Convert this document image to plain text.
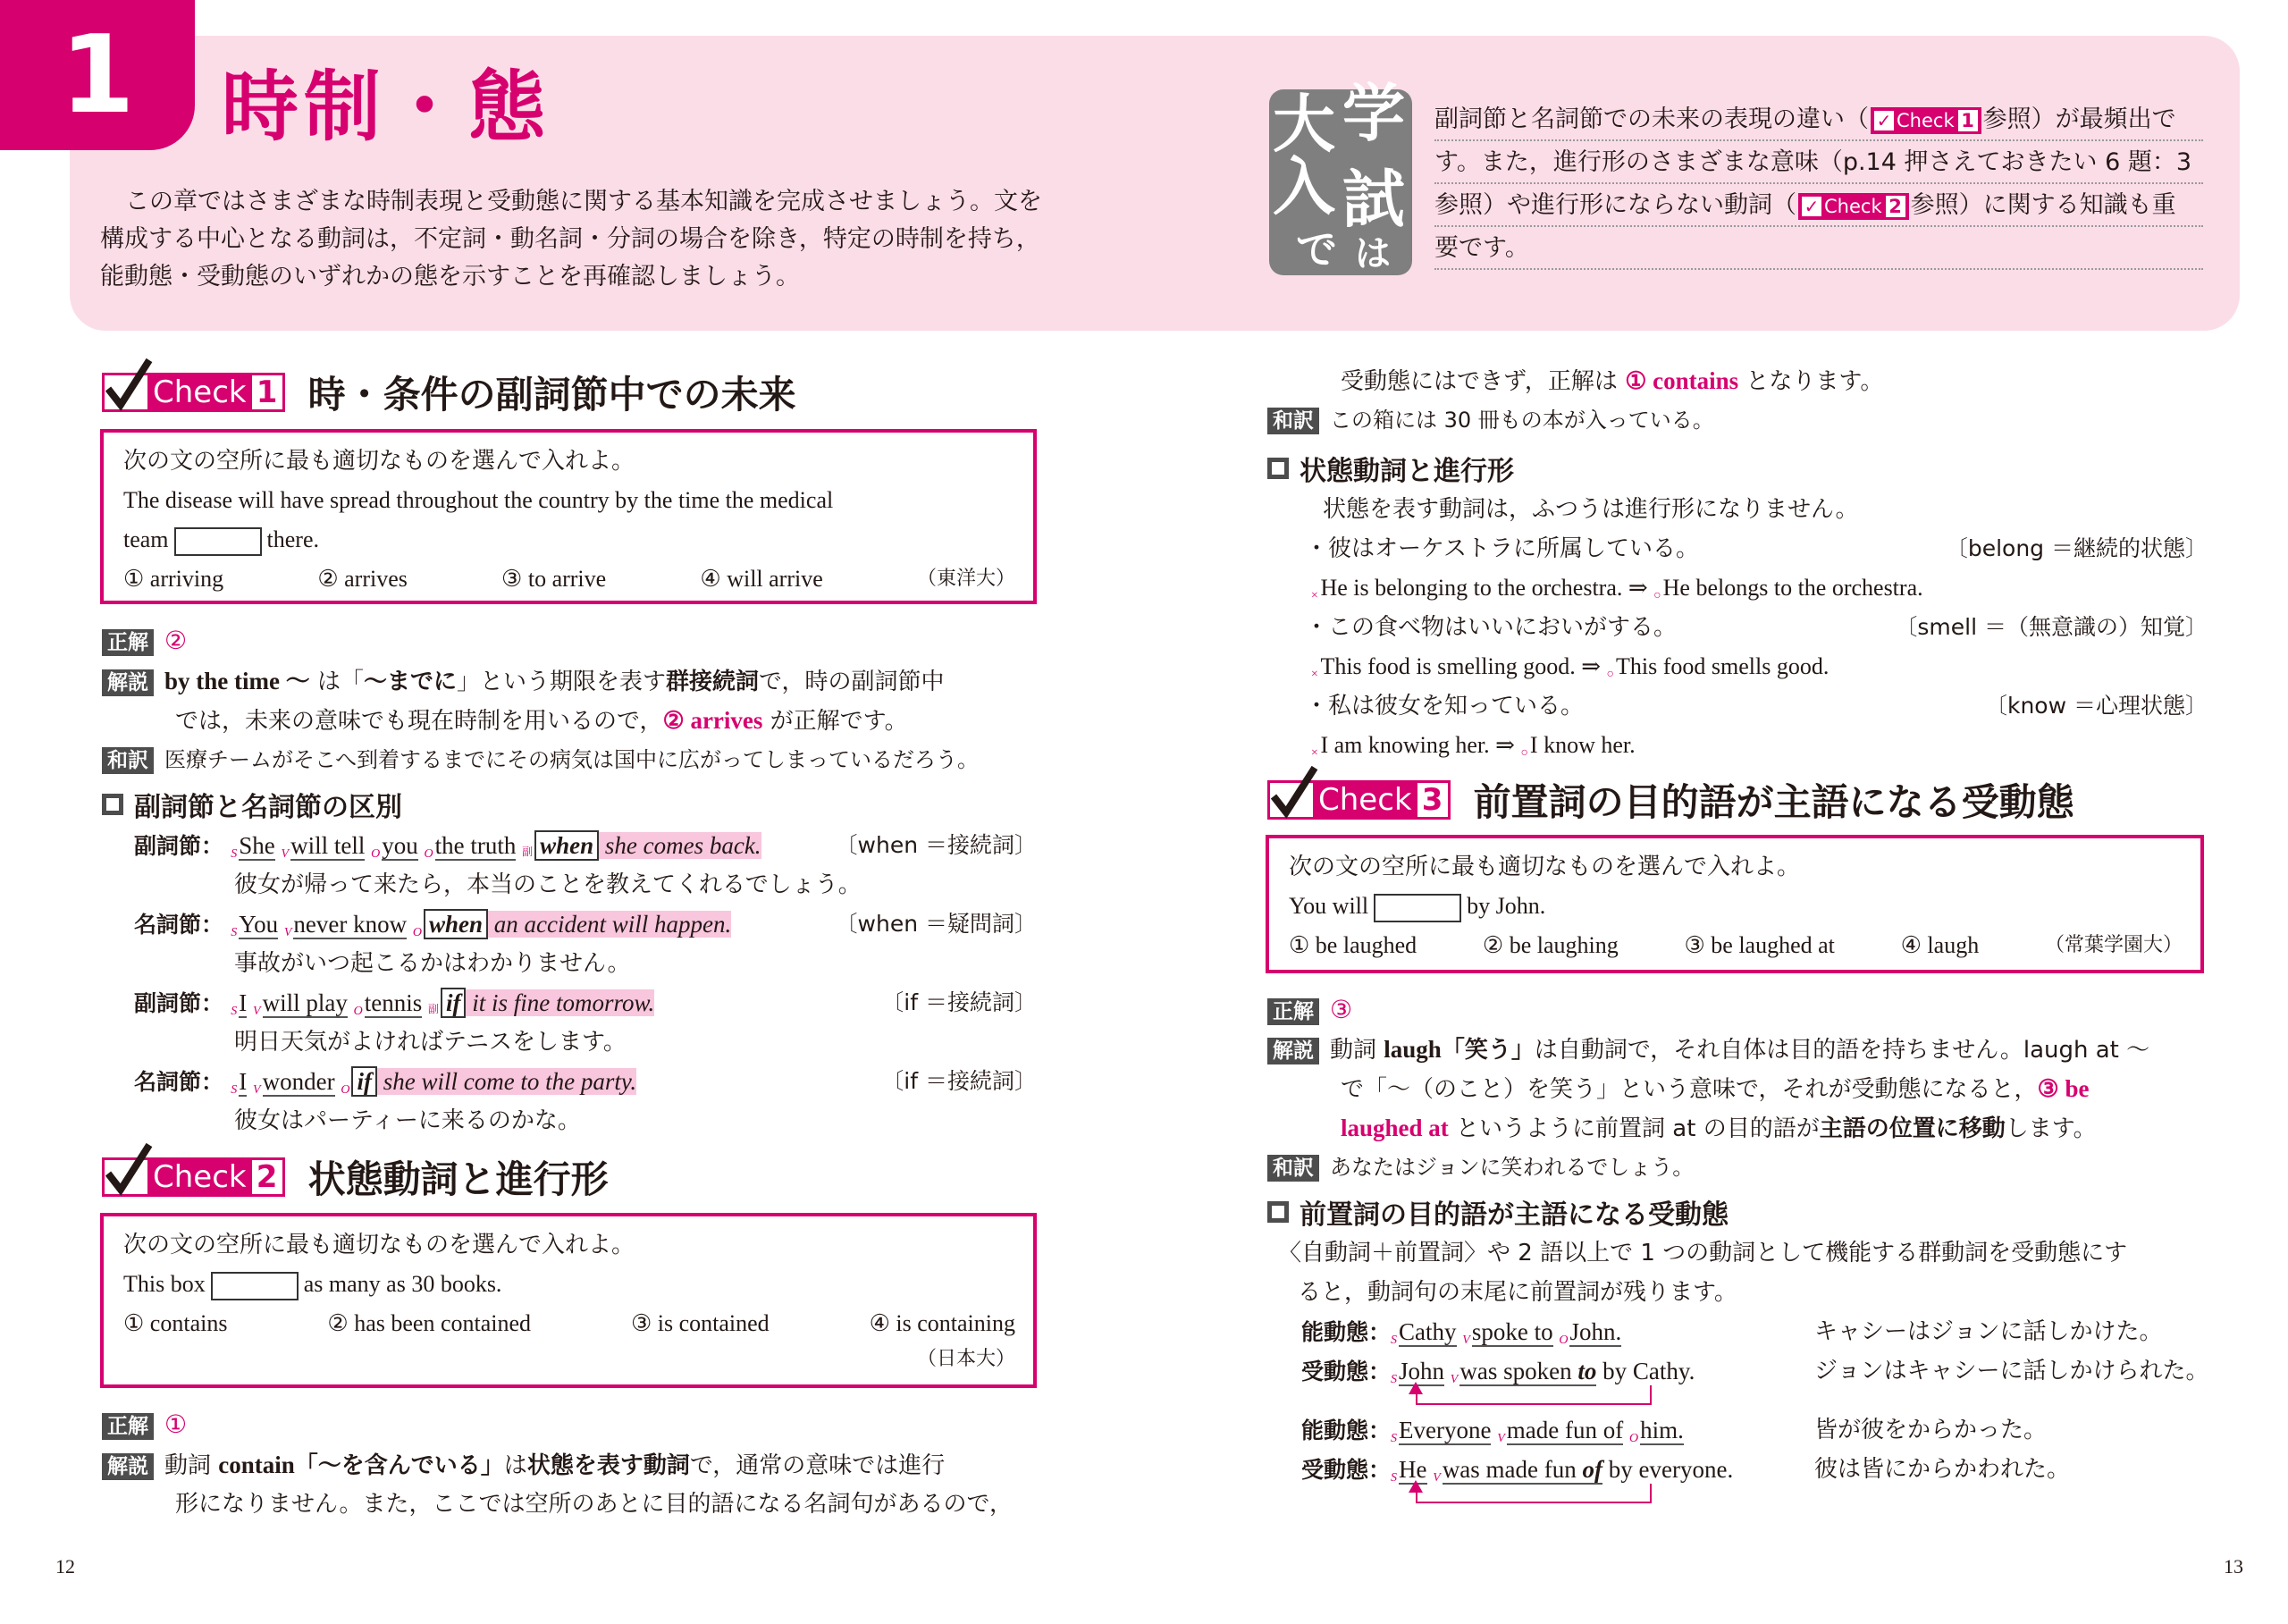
1 時制・態
この章ではさまざまな時制表現と受動態に関する基本知識を完成させましょう。文を構成する中心となる動詞は，不定詞・動名詞・分詞の場合を除き，特定の時制を持ち，能動態・受動態のいずれかの態を示すことを再確認しましょう。
大 学
入 試
で は
副詞節と名詞節での未来の表現の違い（ ✓ Check 1 参照）が最頻出で
す。また，進行形のさまざまな意味（p.14 押さえておきたい 6 題：3
参照）や進行形にならない動詞（ ✓ Check 2 参照）に関する知識も重
要です。
Check 1 時・条件の副詞節中での未来
次の文の空所に最も適切なものを選んで入れよ。
The disease will have spread throughout the country by the time the medical
team	there.
① arriving	② arrives	③ to arrive	④ will arrive	（東洋大）
正解 ②
解説 by the time 〜 は「〜までに」という期限を表す群接続詞で，時の副詞節中
では，未来の意味でも現在時制を用いるので，② arrives が正解です。
和訳 医療チームがそこへ到着するまでにその病気は国中に広がってしまっているだろう。
副詞節と名詞節の区別
副詞節： $_S$She $_V$will tell $_O$you $_O$the truth 副 when she comes back.	〔when ＝接続詞〕
彼女が帰って来たら，本当のことを教えてくれるでしょう。
名詞節： $_S$You $_V$never know $_O$ when an accident will happen.	〔when ＝疑問詞〕
事故がいつ起こるかはわかりません。
副詞節： $_S$I $_V$will play $_O$tennis 副 if it is fine tomorrow.	〔if ＝接続詞〕
明日天気がよければテニスをします。
名詞節： $_S$I $_V$wonder $_O$ if she will come to the party.	〔if ＝接続詞〕
彼女はパーティーに来るのかな。
Check 2 状態動詞と進行形
次の文の空所に最も適切なものを選んで入れよ。
This box	as many as 30 books.
① contains	② has been contained	③ is contained	④ is containing
（日本大）
正解 ①
解説 動詞 contain「〜を含んでいる」は状態を表す動詞で，通常の意味では進行
形になりません。また，ここでは空所のあとに目的語になる名詞句があるので，
受動態にはできず，正解は ① contains となります。
和訳 この箱には 30 冊もの本が入っている。
状態動詞と進行形
状態を表す動詞は，ふつうは進行形になりません。
・彼はオーケストラに所属している。	〔belong ＝継続的状態〕
$_\times$He is belonging to the orchestra. ⇒ $_○$He belongs to the orchestra.
・この食べ物はいいにおいがする。	〔smell ＝（無意識の）知覚〕
$_\times$This food is smelling good. ⇒ $_○$This food smells good.
・私は彼女を知っている。	〔know ＝心理状態〕
$_\times$I am knowing her. ⇒ $_○$I know her.
Check 3 前置詞の目的語が主語になる受動態
次の文の空所に最も適切なものを選んで入れよ。
You will	by John.
① be laughed	② be laughing	③ be laughed at	④ laugh	（常葉学園大）
正解 ③
解説 動詞 laugh「笑う」は自動詞で，それ自体は目的語を持ちません。laugh at 〜
で「〜（のこと）を笑う」という意味で，それが受動態になると，③ be
laughed at というように前置詞 at の目的語が主語の位置に移動します。
和訳 あなたはジョンに笑われるでしょう。
前置詞の目的語が主語になる受動態
〈自動詞＋前置詞〉や 2 語以上で 1 つの動詞として機能する群動詞を受動態にす
ると，動詞句の末尾に前置詞が残ります。
能動態：$_S$Cathy $_V$spoke to $_O$John.	キャシーはジョンに話しかけた。
受動態：$_S$John $_V$was spoken to by Cathy.	ジョンはキャシーに話しかけられた。
能動態：$_S$Everyone $_V$made fun of $_O$him.	皆が彼をからかった。
受動態：$_S$He $_V$was made fun of by everyone.	彼は皆にからかわれた。
12	13
